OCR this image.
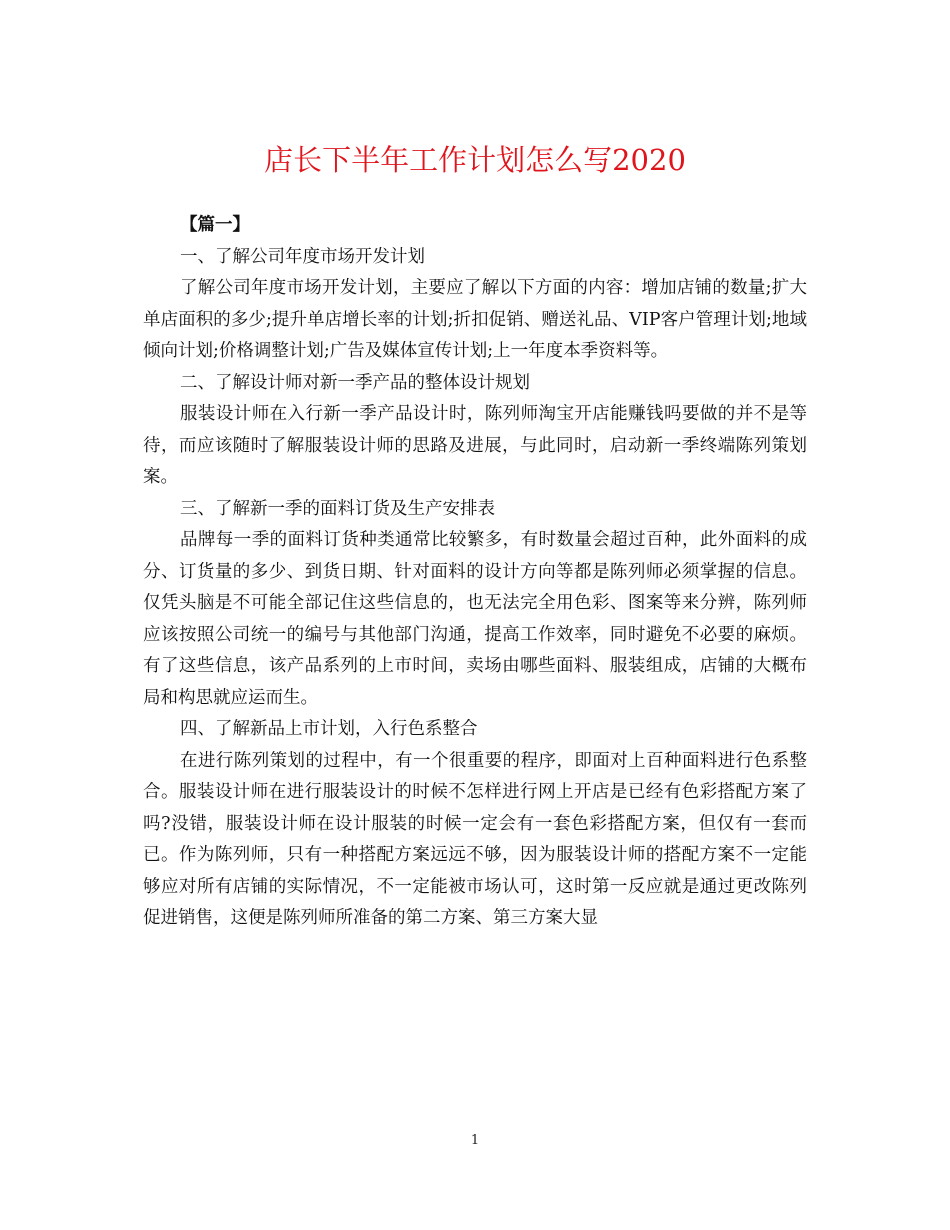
店长下半年工作计划怎么写2020

【篇一】

一、了解公司年度市场开发计划

了解公司年度市场开发计划，主要应了解以下方面的内容：增加店铺的数量;扩大单店面积的多少;提升单店增长率的计划;折扣促销、赠送礼品、VIP客户管理计划;地域倾向计划;价格调整计划;广告及媒体宣传计划;上一年度本季资料等。

二、了解设计师对新一季产品的整体设计规划

服装设计师在入行新一季产品设计时，陈列师淘宝开店能赚钱吗要做的并不是等待，而应该随时了解服装设计师的思路及进展，与此同时，启动新一季终端陈列策划案。

三、了解新一季的面料订货及生产安排表

品牌每一季的面料订货种类通常比较繁多，有时数量会超过百种，此外面料的成分、订货量的多少、到货日期、针对面料的设计方向等都是陈列师必须掌握的信息。仅凭头脑是不可能全部记住这些信息的，也无法完全用色彩、图案等来分辨，陈列师应该按照公司统一的编号与其他部门沟通，提高工作效率，同时避免不必要的麻烦。有了这些信息，该产品系列的上市时间，卖场由哪些面料、服装组成，店铺的大概布局和构思就应运而生。

四、了解新品上市计划，入行色系整合

在进行陈列策划的过程中，有一个很重要的程序，即面对上百种面料进行色系整合。服装设计师在进行服装设计的时候不怎样进行网上开店是已经有色彩搭配方案了吗?没错，服装设计师在设计服装的时候一定会有一套色彩搭配方案，但仅有一套而已。作为陈列师，只有一种搭配方案远远不够，因为服装设计师的搭配方案不一定能够应对所有店铺的实际情况，不一定能被市场认可，这时第一反应就是通过更改陈列促进销售，这便是陈列师所准备的第二方案、第三方案大显

1
